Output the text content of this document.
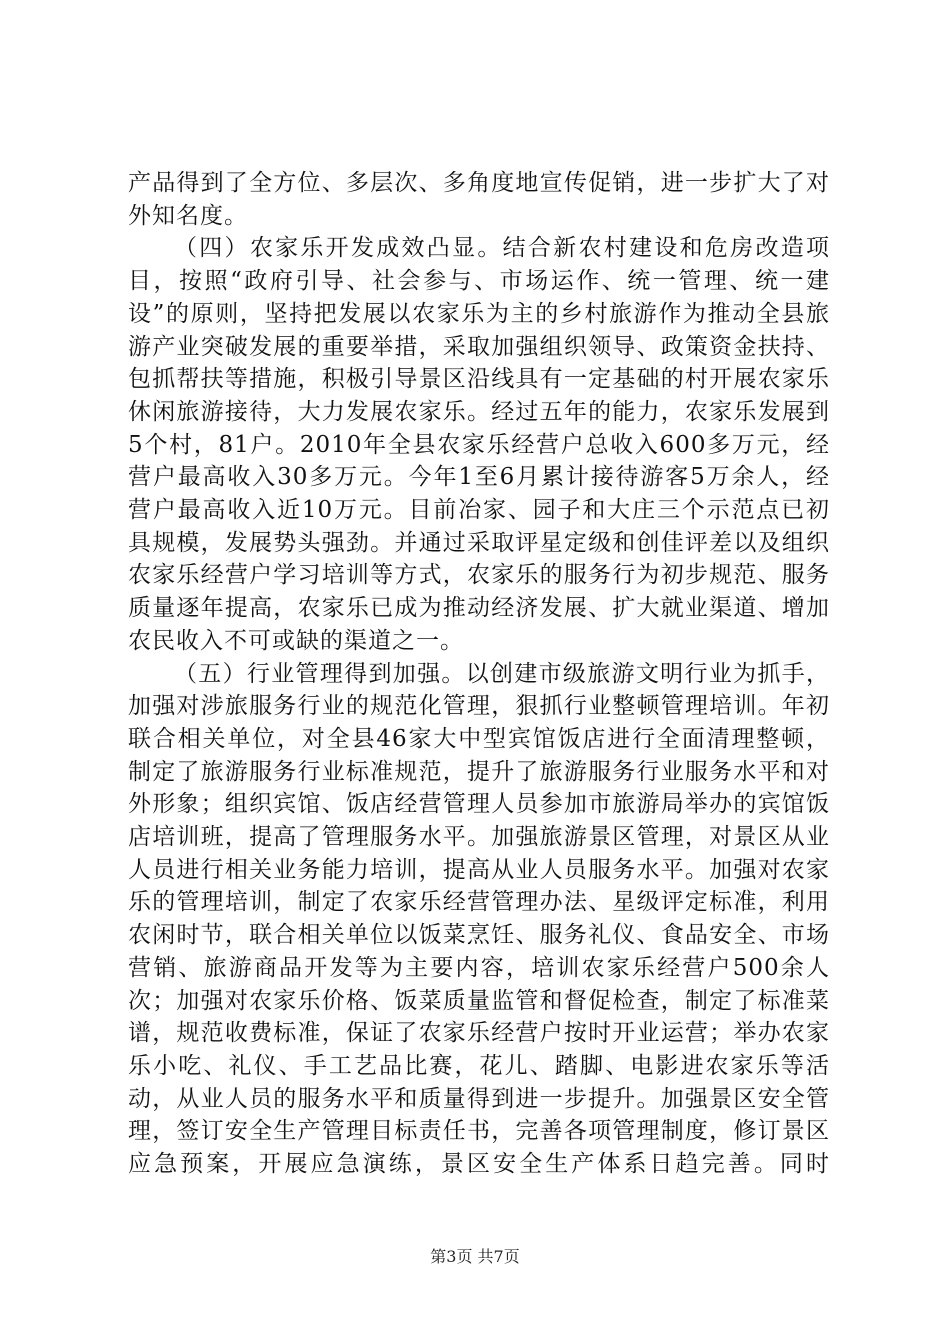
产品得到了全方位、多层次、多角度地宣传促销，进一步扩大了对外知名度。

（四）农家乐开发成效凸显。结合新农村建设和危房改造项目，按照“政府引导、社会参与、市场运作、统一管理、统一建设”的原则，坚持把发展以农家乐为主的乡村旅游作为推动全县旅游产业突破发展的重要举措，采取加强组织领导、政策资金扶持、包抓帮扶等措施，积极引导景区沿线具有一定基础的村开展农家乐休闲旅游接待，大力发展农家乐。经过五年的能力，农家乐发展到5个村，81户。2010年全县农家乐经营户总收入600多万元，经营户最高收入30多万元。今年1至6月累计接待游客5万余人，经营户最高收入近10万元。目前冶家、园子和大庄三个示范点已初具规模，发展势头强劲。并通过采取评星定级和创佳评差以及组织农家乐经营户学习培训等方式，农家乐的服务行为初步规范、服务质量逐年提高，农家乐已成为推动经济发展、扩大就业渠道、增加农民收入不可或缺的渠道之一。

（五）行业管理得到加强。以创建市级旅游文明行业为抓手，加强对涉旅服务行业的规范化管理，狠抓行业整顿管理培训。年初联合相关单位，对全县46家大中型宾馆饭店进行全面清理整顿，制定了旅游服务行业标准规范，提升了旅游服务行业服务水平和对外形象；组织宾馆、饭店经营管理人员参加市旅游局举办的宾馆饭店培训班，提高了管理服务水平。加强旅游景区管理，对景区从业人员进行相关业务能力培训，提高从业人员服务水平。加强对农家乐的管理培训，制定了农家乐经营管理办法、星级评定标准，利用农闲时节，联合相关单位以饭菜烹饪、服务礼仪、食品安全、市场营销、旅游商品开发等为主要内容，培训农家乐经营户500余人次；加强对农家乐价格、饭菜质量监管和督促检查，制定了标准菜谱，规范收费标准，保证了农家乐经营户按时开业运营；举办农家乐小吃、礼仪、手工艺品比赛，花儿、踏脚、电影进农家乐等活动，从业人员的服务水平和质量得到进一步提升。加强景区安全管理，签订安全生产管理目标责任书，完善各项管理制度，修订景区应急预案，开展应急演练，景区安全生产体系日趋完善。同时

第3页 共7页
